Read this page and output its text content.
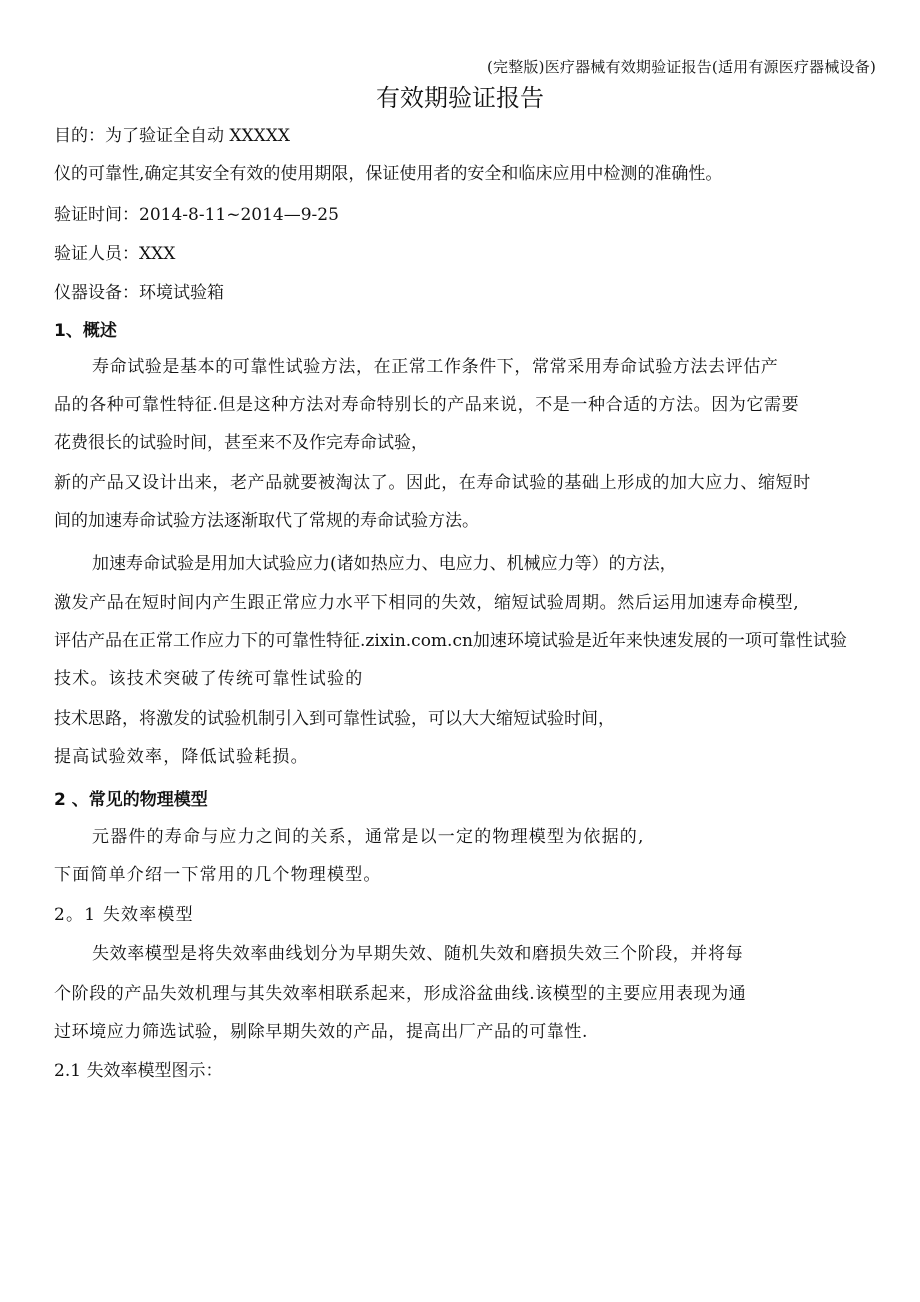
(完整版)医疗器械有效期验证报告(适用有源医疗器械设备)
有效期验证报告
目的：为了验证全自动 XXXXX
仪的可靠性,确定其安全有效的使用期限，保证使用者的安全和临床应用中检测的准确性。
验证时间：2014-8-11~2014—9-25
验证人员：XXX
仪器设备：环境试验箱
1、概述
寿命试验是基本的可靠性试验方法，在正常工作条件下，常常采用寿命试验方法去评估产
品的各种可靠性特征.但是这种方法对寿命特别长的产品来说，不是一种合适的方法。因为它需要
花费很长的试验时间，甚至来不及作完寿命试验，
新的产品又设计出来，老产品就要被淘汰了。因此，在寿命试验的基础上形成的加大应力、缩短时
间的加速寿命试验方法逐渐取代了常规的寿命试验方法。
加速寿命试验是用加大试验应力(诸如热应力、电应力、机械应力等）的方法，
激发产品在短时间内产生跟正常应力水平下相同的失效，缩短试验周期。然后运用加速寿命模型,
评估产品在正常工作应力下的可靠性特征.zixin.com.cn加速环境试验是近年来快速发展的一项可靠性试验
技术。该技术突破了传统可靠性试验的
技术思路，将激发的试验机制引入到可靠性试验，可以大大缩短试验时间，
提高试验效率，降低试验耗损。
2 、常见的物理模型
元器件的寿命与应力之间的关系，通常是以一定的物理模型为依据的,
下面简单介绍一下常用的几个物理模型。
2。1 失效率模型
失效率模型是将失效率曲线划分为早期失效、随机失效和磨损失效三个阶段，并将每
个阶段的产品失效机理与其失效率相联系起来，形成浴盆曲线.该模型的主要应用表现为通
过环境应力筛选试验，剔除早期失效的产品，提高出厂产品的可靠性.
2.1 失效率模型图示：
